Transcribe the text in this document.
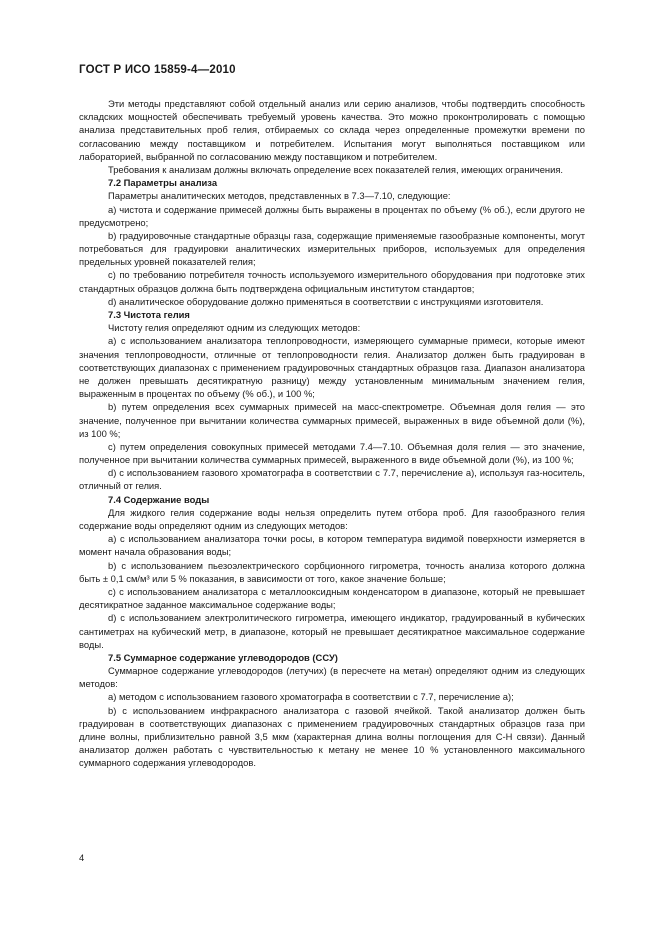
ГОСТ Р ИСО 15859-4—2010

Эти методы представляют собой отдельный анализ или серию анализов, чтобы подтвердить способность складских мощностей обеспечивать требуемый уровень качества. Это можно проконтролировать с помощью анализа представительных проб гелия, отбираемых со склада через определенные промежутки времени по согласованию между поставщиком и потребителем. Испытания могут выполняться поставщиком или лабораторией, выбранной по согласованию между поставщиком и потребителем.

Требования к анализам должны включать определение всех показателей гелия, имеющих ограничения.

7.2 Параметры анализа

Параметры аналитических методов, представленных в 7.3—7.10, следующие:

a) чистота и содержание примесей должны быть выражены в процентах по объему (% об.), если другого не предусмотрено;

b) градуировочные стандартные образцы газа, содержащие применяемые газообразные компоненты, могут потребоваться для градуировки аналитических измерительных приборов, используемых для определения предельных уровней показателей гелия;

c) по требованию потребителя точность используемого измерительного оборудования при подготовке этих стандартных образцов должна быть подтверждена официальным институтом стандартов;

d) аналитическое оборудование должно применяться в соответствии с инструкциями изготовителя.

7.3 Чистота гелия

Чистоту гелия определяют одним из следующих методов:

a) с использованием анализатора теплопроводности, измеряющего суммарные примеси, которые имеют значения теплопроводности, отличные от теплопроводности гелия. Анализатор должен быть градуирован в соответствующих диапазонах с применением градуировочных стандартных образцов газа. Диапазон анализатора не должен превышать десятикратную разницу) между установленным минимальным значением гелия, выраженным в процентах по объему (% об.), и 100 %;

b) путем определения всех суммарных примесей на масс-спектрометре. Объемная доля гелия — это значение, полученное при вычитании количества суммарных примесей, выраженных в виде объемной доли (%), из 100 %;

c) путем определения совокупных примесей методами 7.4—7.10. Объемная доля гелия — это значение, полученное при вычитании количества суммарных примесей, выраженного в виде объемной доли (%), из 100 %;

d) с использованием газового хроматографа в соответствии с 7.7, перечисление а), используя газ-носитель, отличный от гелия.

7.4 Содержание воды

Для жидкого гелия содержание воды нельзя определить путем отбора проб. Для газообразного гелия содержание воды определяют одним из следующих методов:

a) с использованием анализатора точки росы, в котором температура видимой поверхности измеряется в момент начала образования воды;

b) с использованием пьезоэлектрического сорбционного гигрометра, точность анализа которого должна быть ± 0,1 см/м³ или 5 % показания, в зависимости от того, какое значение больше;

c) с использованием анализатора с металлооксидным конденсатором в диапазоне, который не превышает десятикратное заданное максимальное содержание воды;

d) с использованием электролитического гигрометра, имеющего индикатор, градуированный в кубических сантиметрах на кубический метр, в диапазоне, который не превышает десятикратное максимальное содержание воды.

7.5 Суммарное содержание углеводородов (ССУ)

Суммарное содержание углеводородов (летучих) (в пересчете на метан) определяют одним из следующих методов:

a) методом с использованием газового хроматографа в соответствии с 7.7, перечисление а);

b) с использованием инфракрасного анализатора с газовой ячейкой. Такой анализатор должен быть градуирован в соответствующих диапазонах с применением градуировочных стандартных образцов газа при длине волны, приблизительно равной 3,5 мкм (характерная длина волны поглощения для С-Н связи). Данный анализатор должен работать с чувствительностью к метану не менее 10 % установленного максимального суммарного содержания углеводородов.

4
